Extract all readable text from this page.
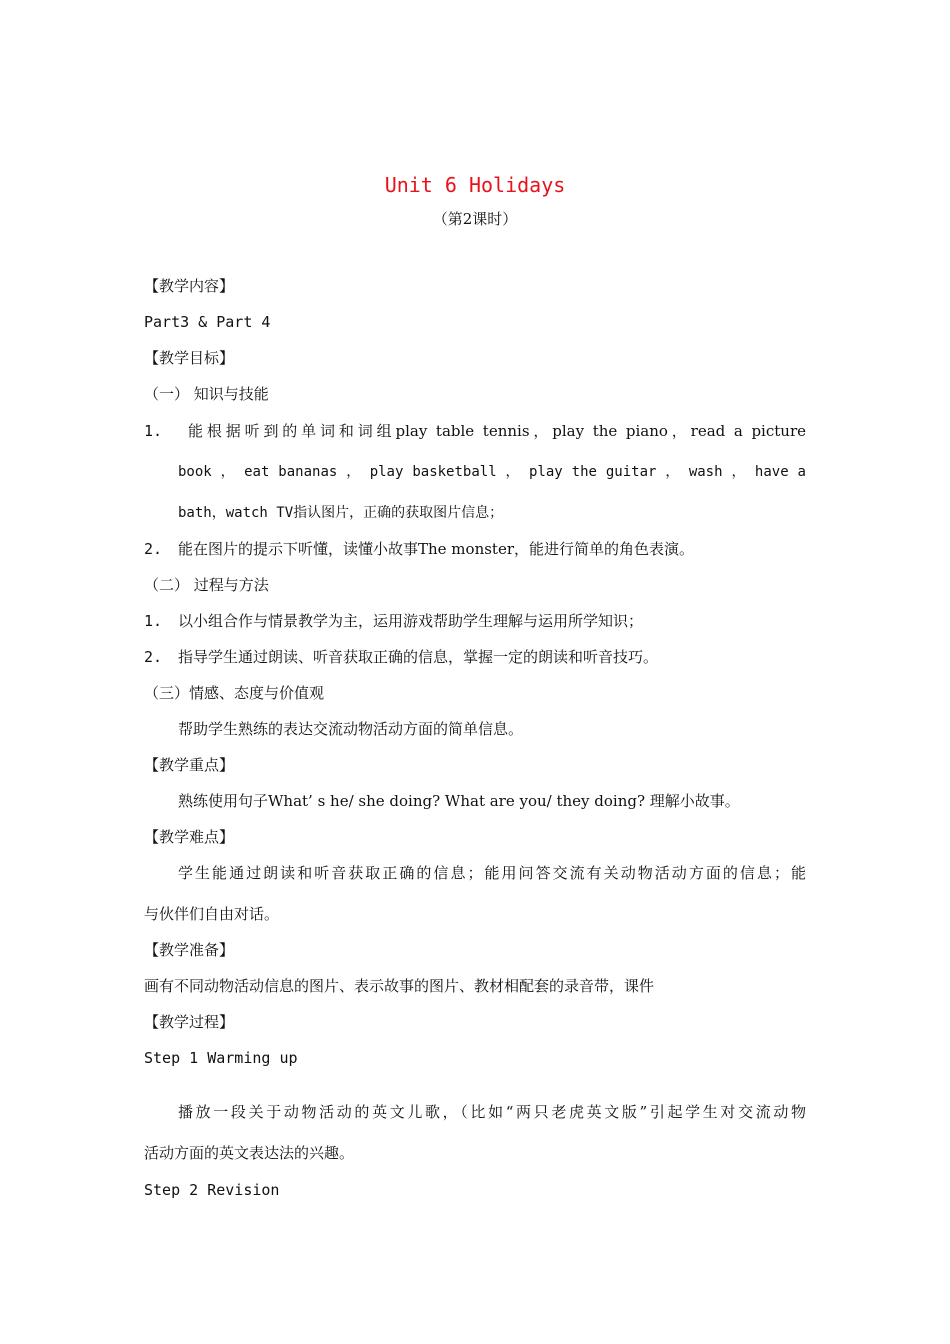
Unit 6 Holidays
（第2课时）
【教学内容】
Part3 & Part 4
【教学目标】
（一） 知识与技能
1. 能根据听到的单词和词组play table tennis，play the piano，read a picture
book ， eat bananas ， play basketball ， play the guitar ， wash ， have a
bath，watch TV指认图片，正确的获取图片信息；
2. 能在图片的提示下听懂，读懂小故事The monster，能进行简单的角色表演。
（二） 过程与方法
1. 以小组合作与情景教学为主，运用游戏帮助学生理解与运用所学知识；
2. 指导学生通过朗读、听音获取正确的信息，掌握一定的朗读和听音技巧。
（三）情感、态度与价值观
帮助学生熟练的表达交流动物活动方面的简单信息。
【教学重点】
熟练使用句子What’ s he/ she doing? What are you/ they doing? 理解小故事。
【教学难点】
学生能通过朗读和听音获取正确的信息；能用问答交流有关动物活动方面的信息；能
与伙伴们自由对话。
【教学准备】
画有不同动物活动信息的图片、表示故事的图片、教材相配套的录音带，课件
【教学过程】
Step 1 Warming up
播放一段关于动物活动的英文儿歌，（比如“两只老虎英文版”引起学生对交流动物
活动方面的英文表达法的兴趣。
Step 2 Revision
